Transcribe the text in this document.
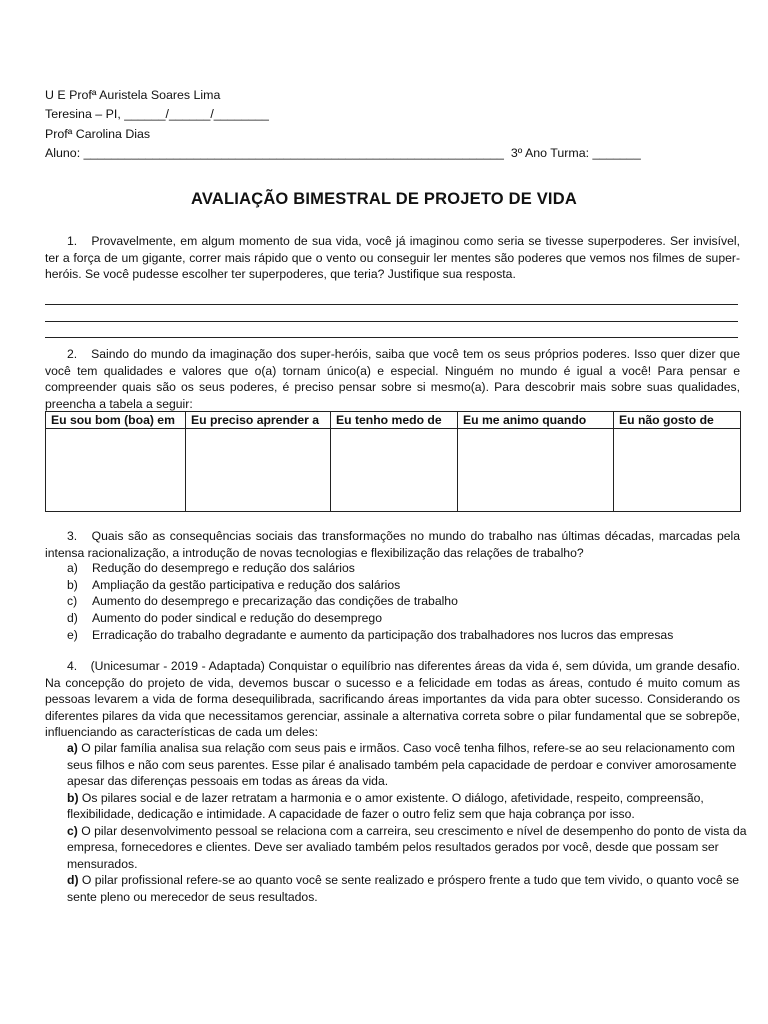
U E Profª Auristela Soares Lima
Teresina – PI, ______/______/________
Profª Carolina Dias
Aluno: _____________________________________________________________  3º Ano Turma: _______
AVALIAÇÃO BIMESTRAL DE PROJETO DE VIDA
1. Provavelmente, em algum momento de sua vida, você já imaginou como seria se tivesse superpoderes. Ser invisível, ter a força de um gigante, correr mais rápido que o vento ou conseguir ler mentes são poderes que vemos nos filmes de super-heróis. Se você pudesse escolher ter superpoderes, que teria? Justifique sua resposta.
2. Saindo do mundo da imaginação dos super-heróis, saiba que você tem os seus próprios poderes. Isso quer dizer que você tem qualidades e valores que o(a) tornam único(a) e especial. Ninguém no mundo é igual a você! Para pensar e compreender quais são os seus poderes, é preciso pensar sobre si mesmo(a). Para descobrir mais sobre suas qualidades, preencha a tabela a seguir:
Eu sou bom (boa) em	Eu preciso aprender a	Eu tenho medo de	Eu me animo quando	Eu não gosto de

3. Quais são as consequências sociais das transformações no mundo do trabalho nas últimas décadas, marcadas pela intensa racionalização, a introdução de novas tecnologias e flexibilização das relações de trabalho?
a) Redução do desemprego e redução dos salários
b) Ampliação da gestão participativa e redução dos salários
c) Aumento do desemprego e precarização das condições de trabalho
d) Aumento do poder sindical e redução do desemprego
e) Erradicação do trabalho degradante e aumento da participação dos trabalhadores nos lucros das empresas
4. (Unicesumar - 2019 - Adaptada) Conquistar o equilíbrio nas diferentes áreas da vida é, sem dúvida, um grande desafio. Na concepção do projeto de vida, devemos buscar o sucesso e a felicidade em todas as áreas, contudo é muito comum as pessoas levarem a vida de forma desequilibrada, sacrificando áreas importantes da vida para obter sucesso. Considerando os diferentes pilares da vida que necessitamos gerenciar, assinale a alternativa correta sobre o pilar fundamental que se sobrepõe, influenciando as características de cada um deles:
a) O pilar família analisa sua relação com seus pais e irmãos. Caso você tenha filhos, refere-se ao seu relacionamento com seus filhos e não com seus parentes. Esse pilar é analisado também pela capacidade de perdoar e conviver amorosamente apesar das diferenças pessoais em todas as áreas da vida.
b) Os pilares social e de lazer retratam a harmonia e o amor existente. O diálogo, afetividade, respeito, compreensão, flexibilidade, dedicação e intimidade. A capacidade de fazer o outro feliz sem que haja cobrança por isso.
c) O pilar desenvolvimento pessoal se relaciona com a carreira, seu crescimento e nível de desempenho do ponto de vista da empresa, fornecedores e clientes. Deve ser avaliado também pelos resultados gerados por você, desde que possam ser mensurados.
d) O pilar profissional refere-se ao quanto você se sente realizado e próspero frente a tudo que tem vivido, o quanto você se sente pleno ou merecedor de seus resultados.
